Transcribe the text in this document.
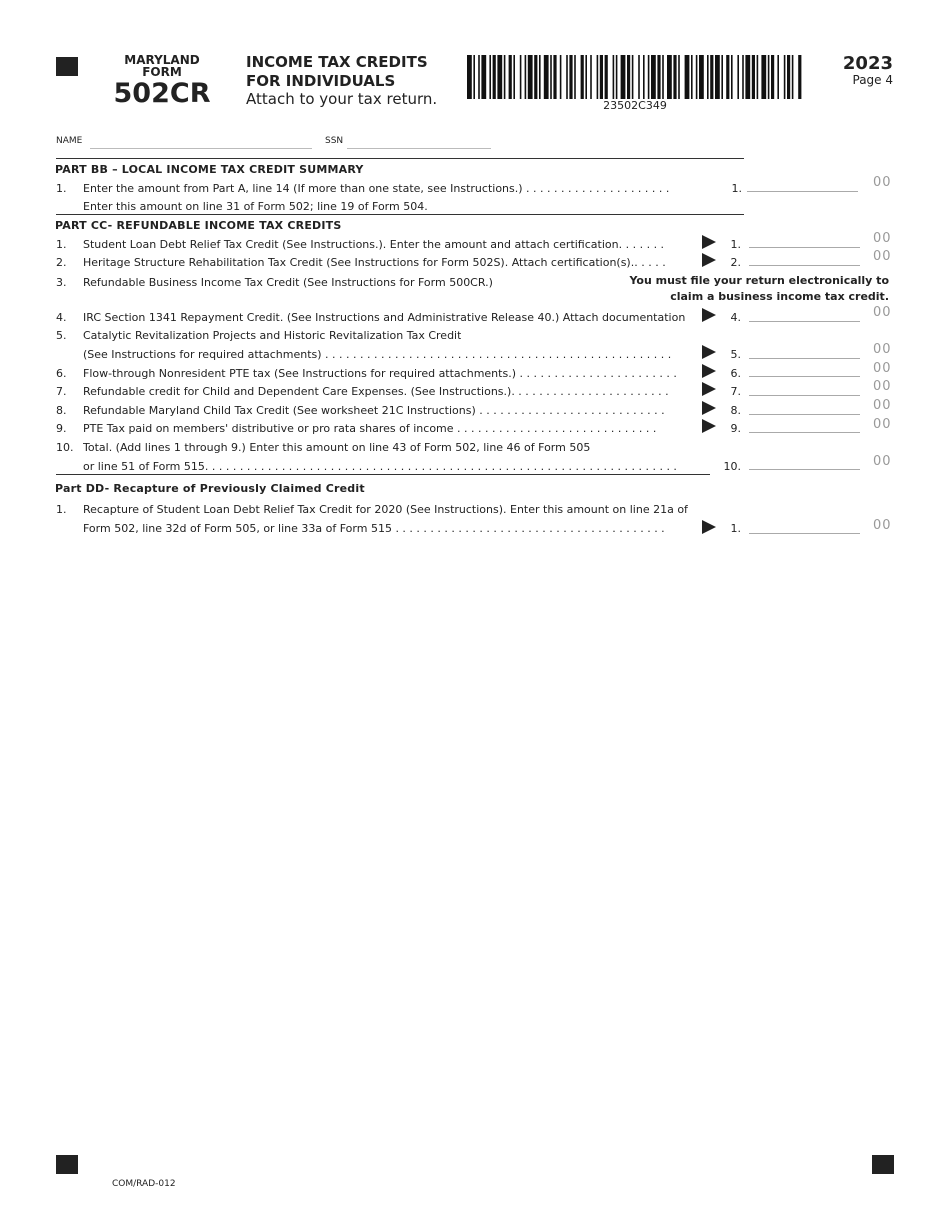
MARYLAND
FORM
502CR
INCOME TAX CREDITS
FOR INDIVIDUALS
Attach to your tax return.	23502C349
2023
Page 4
NAME	SSN
PART BB – LOCAL INCOME TAX CREDIT SUMMARY
1. Enter the amount from Part A, line 14 (If more than one state, see Instructions.) . . . . . . . . . . . . . . . . . . . . .	1.	00
Enter this amount on line 31 of Form 502; line 19 of Form 504.
PART CC- REFUNDABLE INCOME TAX CREDITS
1. Student Loan Debt Relief Tax Credit (See Instructions.). Enter the amount and attach certification. . . . . . .	1.	00
2. Heritage Structure Rehabilitation Tax Credit (See Instructions for Form 502S). Attach certification(s).. . . . .	2.	00
3. Refundable Business Income Tax Credit (See Instructions for Form 500CR.)	You must file your return electronically to
claim a business income tax credit.
4. IRC Section 1341 Repayment Credit. (See Instructions and Administrative Release 40.) Attach documentation	4.	00
5. Catalytic Revitalization Projects and Historic Revitalization Tax Credit
(See Instructions for required attachments) . . . . . . . . . . . . . . . . . . . . . . . . . . . . . . . . . . . . . . . . . . . . . . . . . .	5.	00
6. Flow-through Nonresident PTE tax (See Instructions for required attachments.) . . . . . . . . . . . . . . . . . . . . . . .	6.	00
7. Refundable credit for Child and Dependent Care Expenses. (See Instructions.). . . . . . . . . . . . . . . . . . . . . . .	7.	00
8. Refundable Maryland Child Tax Credit (See worksheet 21C Instructions) . . . . . . . . . . . . . . . . . . . . . . . . . . .	8.	00
9. PTE Tax paid on members' distributive or pro rata shares of income . . . . . . . . . . . . . . . . . . . . . . . . . . . . .	9.	00
10. Total. (Add lines 1 through 9.) Enter this amount on line 43 of Form 502, line 46 of Form 505
or line 51 of Form 515. . . . . . . . . . . . . . . . . . . . . . . . . . . . . . . . . . . . . . . . . . . . . . . . . . . . . . . . . . . . . . . . . . . .	10.	00
Part DD- Recapture of Previously Claimed Credit
1. Recapture of Student Loan Debt Relief Tax Credit for 2020 (See Instructions). Enter this amount on line 21a of
Form 502, line 32d of Form 505, or line 33a of Form 515 . . . . . . . . . . . . . . . . . . . . . . . . . . . . . . . . . . . . . . .	1.	00
COM/RAD-012
